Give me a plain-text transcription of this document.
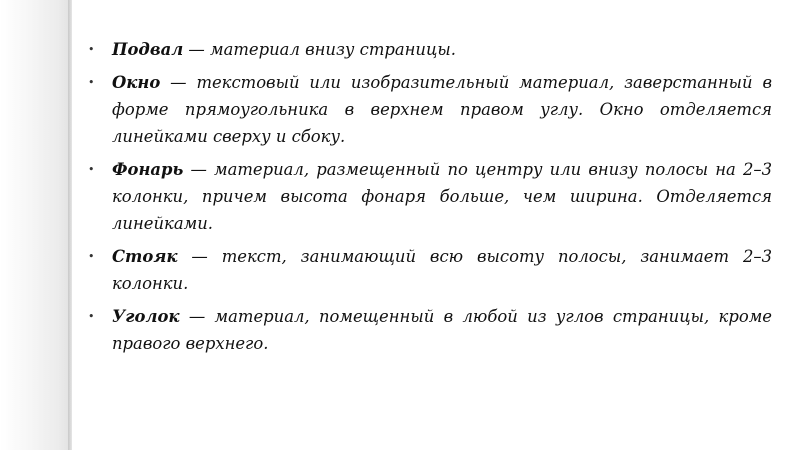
• Подвал — материал внизу страницы.
• Окно — текстовый или изобразительный материал, заверстанный в форме прямоугольника в верхнем правом углу. Окно отделяется линейками сверху и сбоку.
• Фонарь — материал, размещенный по центру или внизу полосы на 2–3 колонки, причем высота фонаря больше, чем ширина. Отделяется линейками.
• Стояк — текст, занимающий всю высоту полосы, занимает 2–3 колонки.
• Уголок — материал, помещенный в любой из углов страницы, кроме правого верхнего.
